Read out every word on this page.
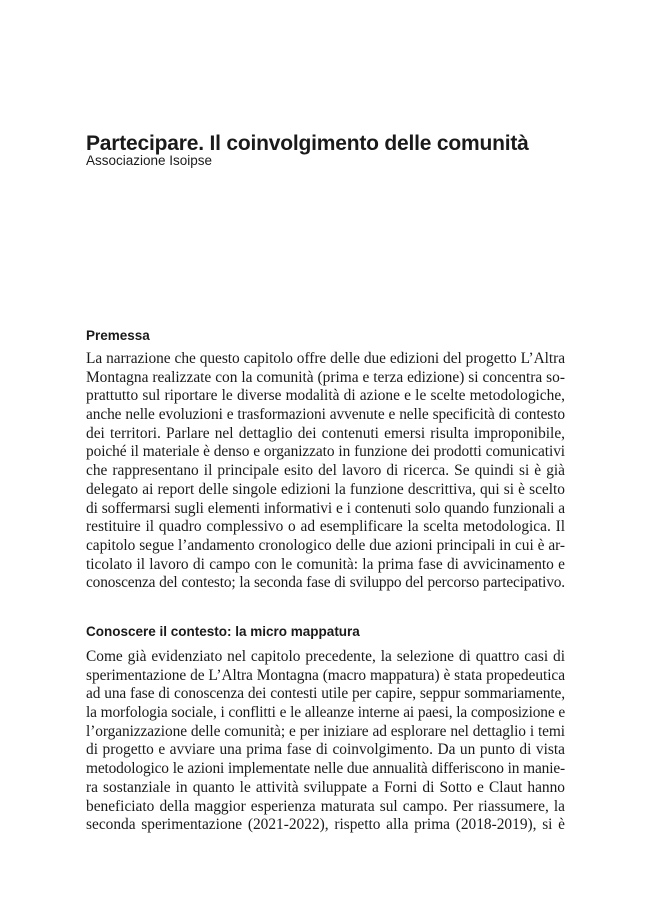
Partecipare. Il coinvolgimento delle comunità
Associazione Isoipse
Premessa

La narrazione che questo capitolo offre delle due edizioni del progetto L’Altra
Montagna realizzate con la comunità (prima e terza edizione) si concentra so-
prattutto sul riportare le diverse modalità di azione e le scelte metodologiche,
anche nelle evoluzioni e trasformazioni avvenute e nelle specificità di contesto
dei territori. Parlare nel dettaglio dei contenuti emersi risulta improponibile,
poiché il materiale è denso e organizzato in funzione dei prodotti comunicativi
che rappresentano il principale esito del lavoro di ricerca. Se quindi si è già
delegato ai report delle singole edizioni la funzione descrittiva, qui si è scelto
di soffermarsi sugli elementi informativi e i contenuti solo quando funzionali a
restituire il quadro complessivo o ad esemplificare la scelta metodologica. Il
capitolo segue l’andamento cronologico delle due azioni principali in cui è ar-
ticolato il lavoro di campo con le comunità: la prima fase di avvicinamento e
conoscenza del contesto; la seconda fase di sviluppo del percorso partecipativo.

Conoscere il contesto: la micro mappatura

Come già evidenziato nel capitolo precedente, la selezione di quattro casi di
sperimentazione de L’Altra Montagna (macro mappatura) è stata propedeutica
ad una fase di conoscenza dei contesti utile per capire, seppur sommariamente,
la morfologia sociale, i conflitti e le alleanze interne ai paesi, la composizione e
l’organizzazione delle comunità; e per iniziare ad esplorare nel dettaglio i temi
di progetto e avviare una prima fase di coinvolgimento. Da un punto di vista
metodologico le azioni implementate nelle due annualità differiscono in manie-
ra sostanziale in quanto le attività sviluppate a Forni di Sotto e Claut hanno
beneficiato della maggior esperienza maturata sul campo. Per riassumere, la
seconda sperimentazione (2021-2022), rispetto alla prima (2018-2019), si è
